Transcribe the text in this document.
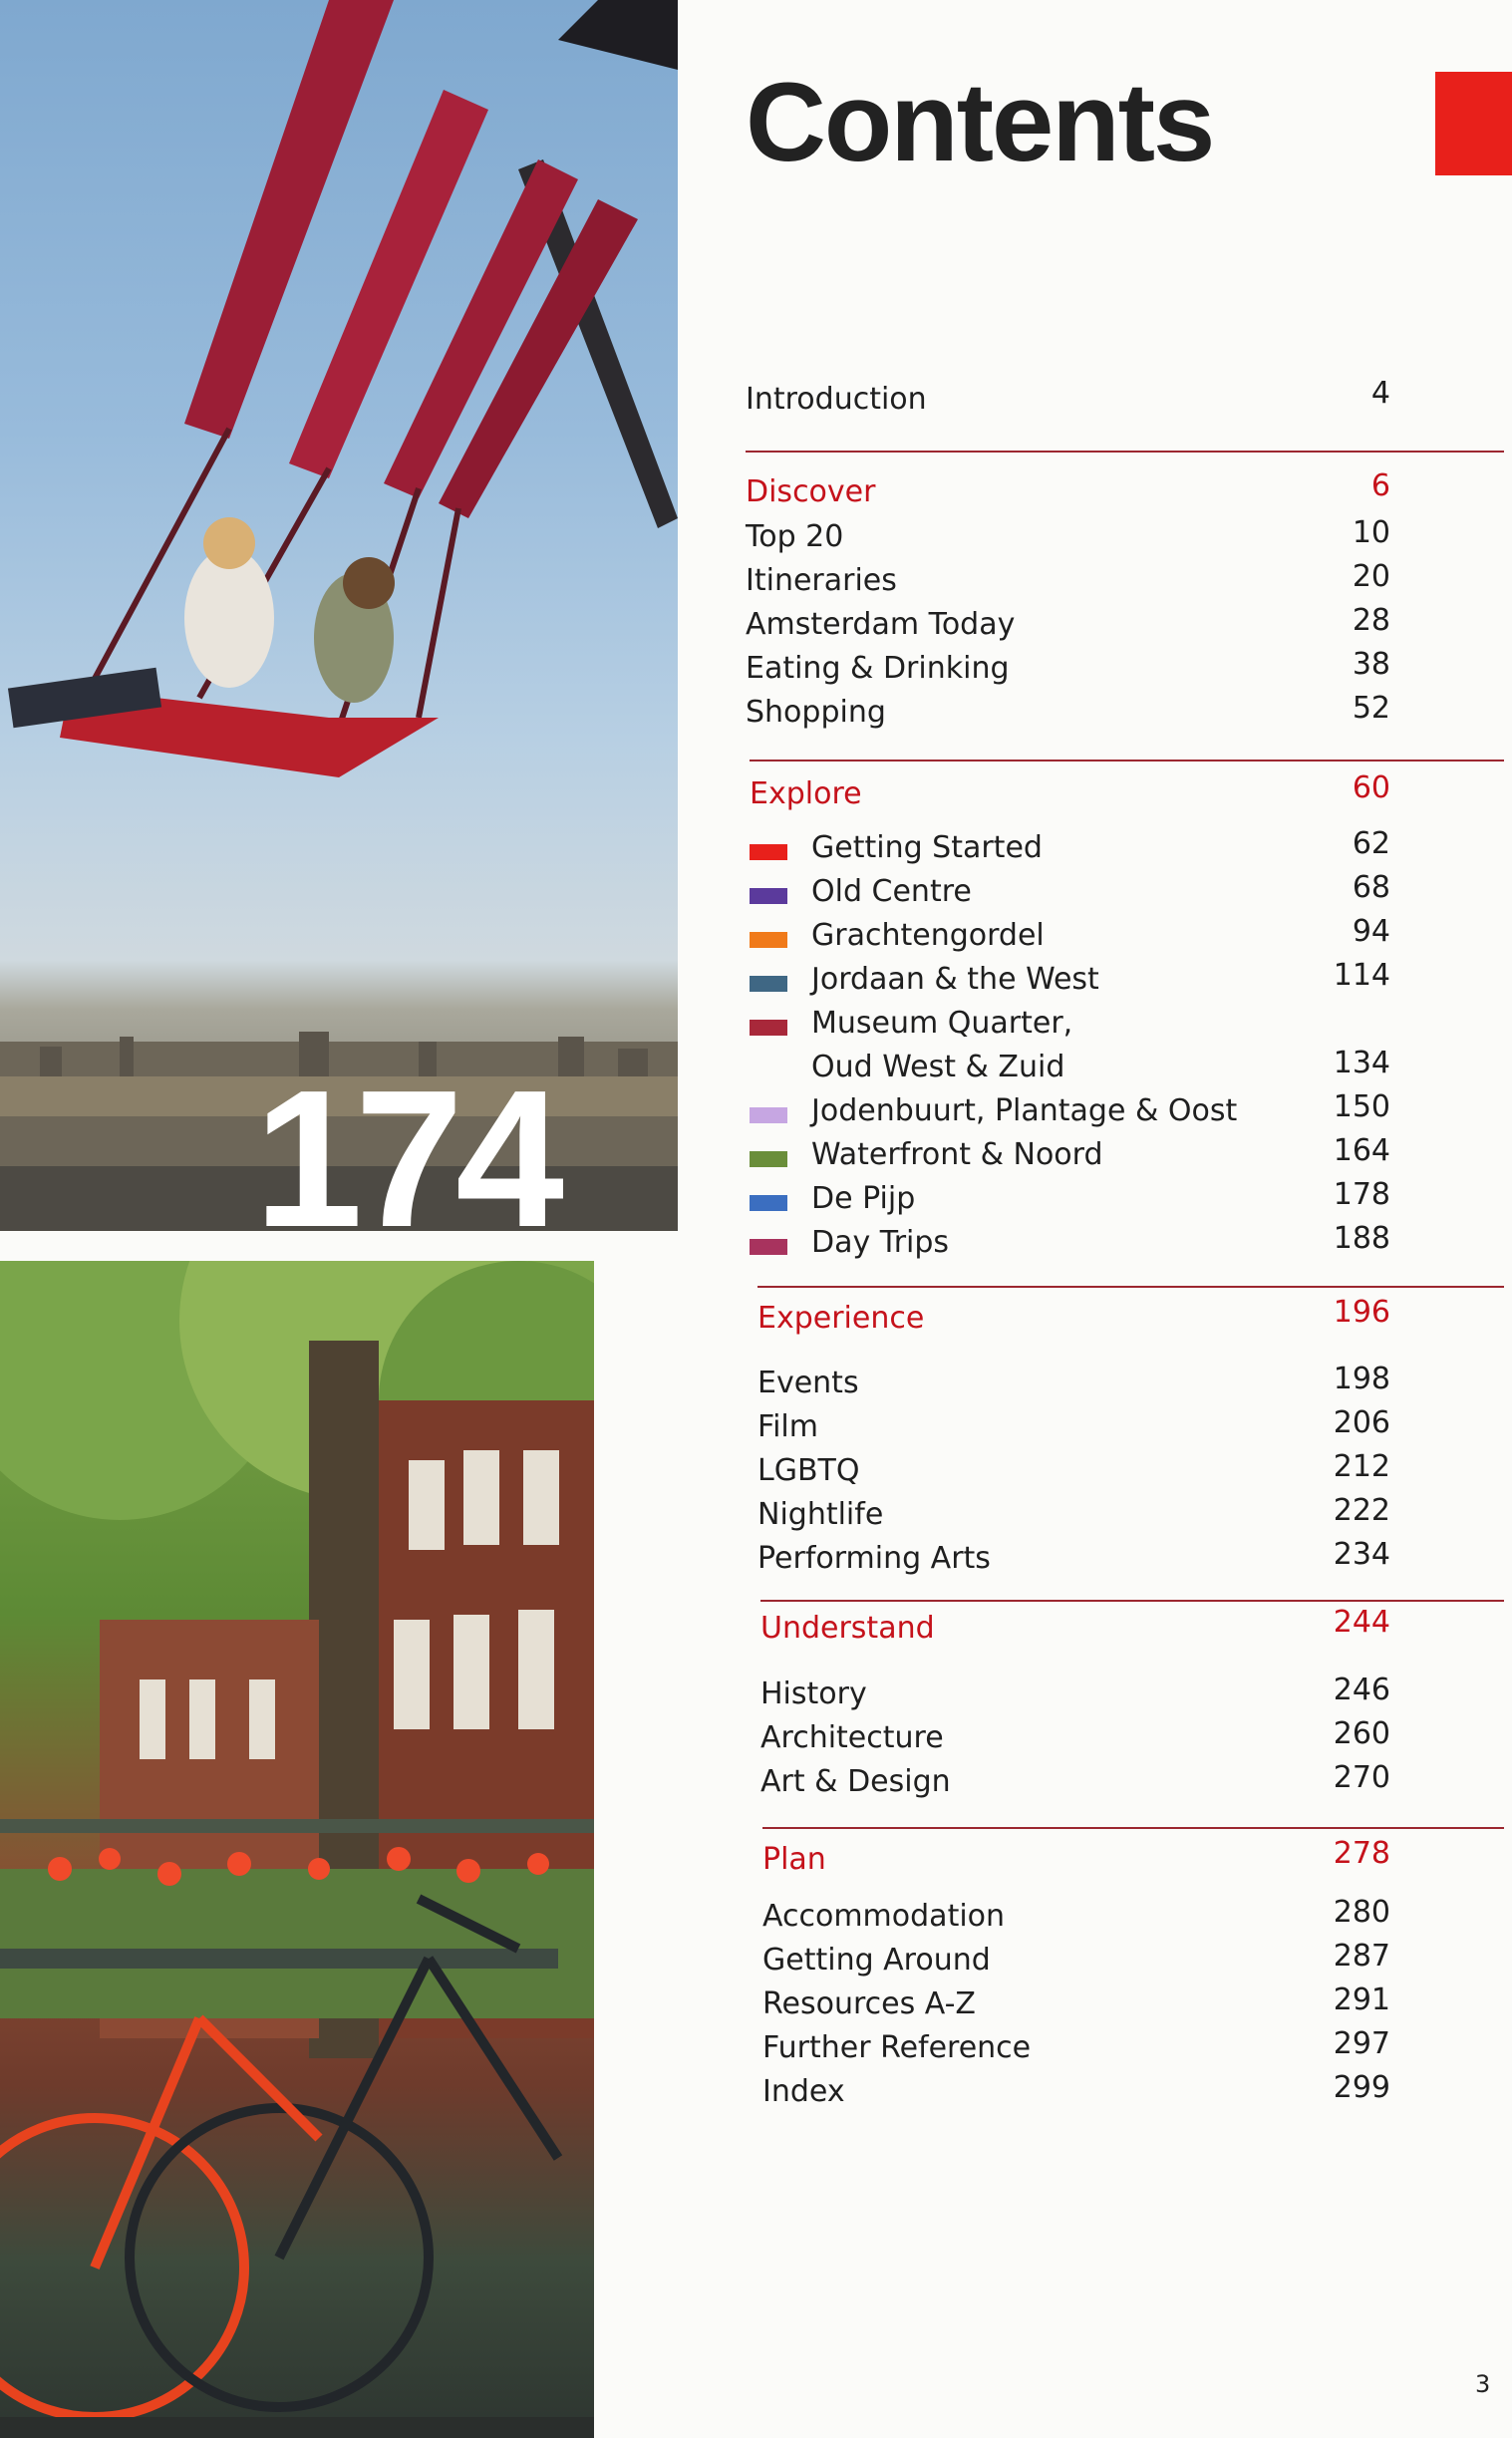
174
Contents
Introduction	4
Discover	6
Top 20	10
Itineraries	20
Amsterdam Today	28
Eating & Drinking	38
Shopping	52
Explore	60
Getting Started	62
Old Centre	68
Grachtengordel	94
Jordaan & the West	114
Museum Quarter,
Oud West & Zuid	134
Jodenbuurt, Plantage & Oost	150
Waterfront & Noord	164
De Pijp	178
Day Trips	188
Experience	196
Events	198
Film	206
LGBTQ	212
Nightlife	222
Performing Arts	234
Understand	244
History	246
Architecture	260
Art & Design	270
Plan	278
Accommodation	280
Getting Around	287
Resources A-Z	291
Further Reference	297
Index	299
3
